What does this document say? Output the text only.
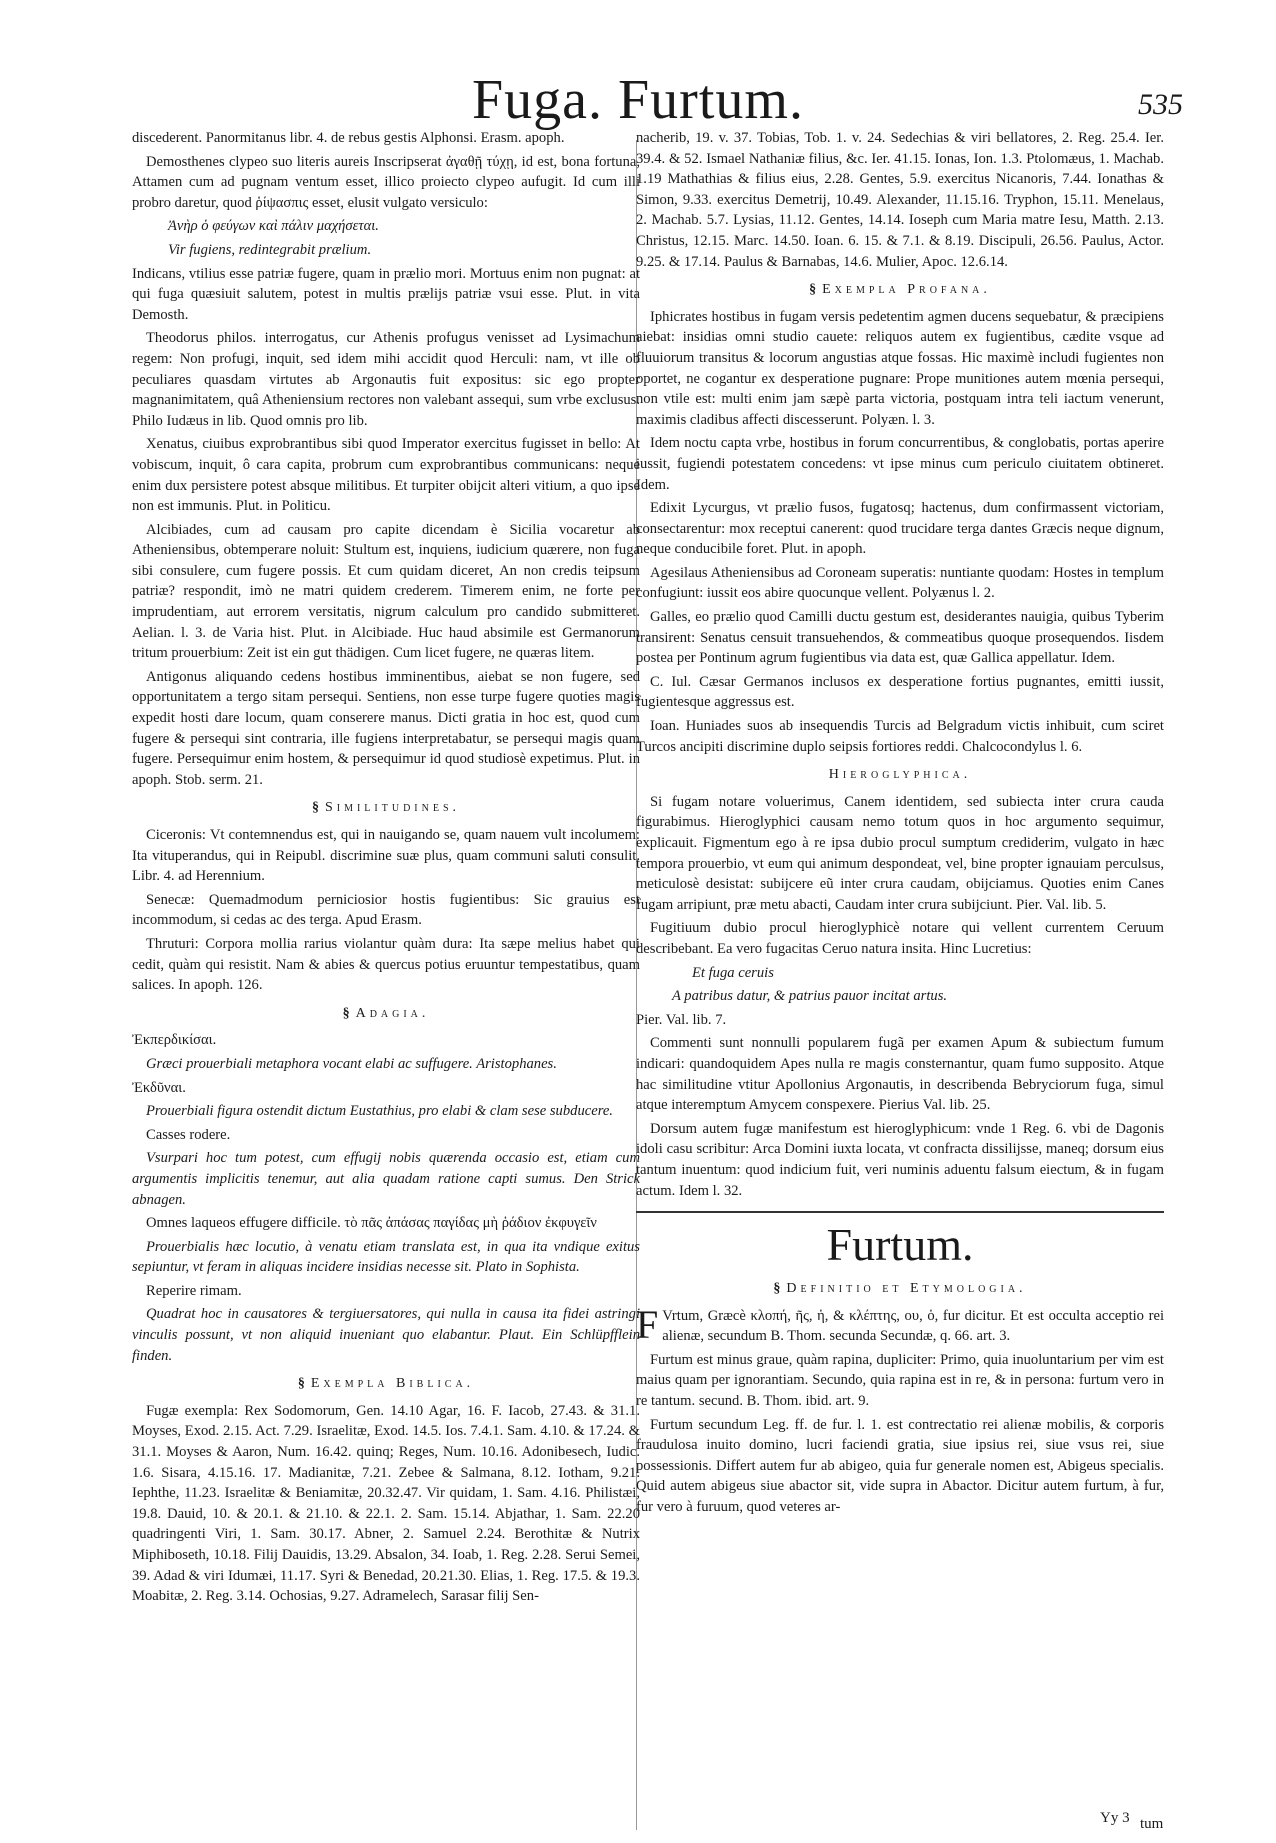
Fuga. Furtum.	535

discederent. Panormitanus libr. 4. de rebus gestis Alphonsi. Erasm. apoph.

Demosthenes clypeo suo literis aureis Inscripserat ἀγαθῇ τύχῃ, id est, bona fortuna, Attamen cum ad pugnam ventum esset, illico proiecto clypeo aufugit. Id cum illi probro daretur, quod ῥίψασπις esset, elusit vulgato versiculo:

Ἀνὴρ ὁ φεύγων καὶ πάλιν μαχήσεται.

Vir fugiens, redintegrabit prælium.

Indicans, vtilius esse patriæ fugere, quam in prælio mori. Mortuus enim non pugnat: at qui fuga quæsiuit salutem, potest in multis prælijs patriæ vsui esse. Plut. in vita Demosth.

Theodorus philos. interrogatus, cur Athenis profugus venisset ad Lysimachum regem: Non profugi, inquit, sed idem mihi accidit quod Herculi: nam, vt ille ob peculiares quasdam virtutes ab Argonautis fuit expositus: sic ego propter magnanimitatem, quâ Atheniensium rectores non valebant assequi, sum vrbe exclusus. Philo Iudæus in lib. Quod omnis pro lib.

Xenatus, ciuibus exprobrantibus sibi quod Imperator exercitus fugisset in bello: At vobiscum, inquit, ô cara capita, probrum cum exprobrantibus communicans: neque enim dux persistere potest absque militibus. Et turpiter obijcit alteri vitium, a quo ipse non est immunis. Plut. in Politicu.

Alcibiades, cum ad causam pro capite dicendam è Sicilia vocaretur ab Atheniensibus, obtemperare noluit: Stultum est, inquiens, iudicium quærere, non fuga sibi consulere, cum fugere possis. Et cum quidam diceret, An non credis teipsum patriæ? respondit, imò ne matri quidem crederem. Timerem enim, ne forte per imprudentiam, aut errorem versitatis, nigrum calculum pro candido submitteret. Aelian. l. 3. de Varia hist. Plut. in Alcibiade. Huc haud absimile est Germanorum tritum prouerbium: Zeit ist ein gut thädigen. Cum licet fugere, ne quæras litem.

Antigonus aliquando cedens hostibus imminentibus, aiebat se non fugere, sed opportunitatem a tergo sitam persequi. Sentiens, non esse turpe fugere quoties magis expedit hosti dare locum, quam conserere manus. Dicti gratia in hoc est, quod cum fugere & persequi sint contraria, ille fugiens interpretabatur, se persequi magis quam fugere. Persequimur enim hostem, & persequimur id quod studiosè expetimus. Plut. in apoph. Stob. serm. 21.

§ Similitudines.

Ciceronis: Vt contemnendus est, qui in nauigando se, quam nauem vult incolumem: Ita vituperandus, qui in Reipubl. discrimine suæ plus, quam communi saluti consulit. Libr. 4. ad Herennium.

Senecæ: Quemadmodum perniciosior hostis fugientibus: Sic grauius est incommodum, si cedas ac des terga. Apud Erasm.

Thruturi: Corpora mollia rarius violantur quàm dura: Ita sæpe melius habet qui cedit, quàm qui resistit. Nam & abies & quercus potius eruuntur tempestatibus, quam salices. In apoph. 126.

§ Adagia.

Ἐκπερδικίσαι.

Græci prouerbiali metaphora vocant elabi ac suffugere. Aristophanes.

Ἐκδῦναι.

Prouerbiali figura ostendit dictum Eustathius, pro elabi & clam sese subducere.

Casses rodere.

Vsurpari hoc tum potest, cum effugij nobis quærenda occasio est, etiam cum argumentis implicitis tenemur, aut alia quadam ratione capti sumus. Den Strick abnagen.

Omnes laqueos effugere difficile. τὸ πᾶς ἀπάσας παγίδας μὴ ῥάδιον ἐκφυγεῖν

Prouerbialis hæc locutio, à venatu etiam translata est, in qua ita vndique exitus sepiuntur, vt feram in aliquas incidere insidias necesse sit. Plato in Sophista.

Reperire rimam.

Quadrat hoc in causatores & tergiuersatores, qui nulla in causa ita fidei astringi vinculis possunt, vt non aliquid inueniant quo elabantur. Plaut. Ein Schlüpfflein finden.

§ Exempla Biblica.

Fugæ exempla: Rex Sodomorum, Gen. 14.10 Agar, 16. F. Iacob, 27.43. & 31.1. Moyses, Exod. 2.15. Act. 7.29. Israelitæ, Exod. 14.5. Ios. 7.4.1. Sam. 4.10. & 17.24. & 31.1. Moyses & Aaron, Num. 16.42. quinq; Reges, Num. 10.16. Adonibesech, Iudic. 1.6. Sisara, 4.15.16. 17. Madianitæ, 7.21. Zebee & Salmana, 8.12. Iotham, 9.21. Iephthe, 11.23. Israelitæ & Beniamitæ, 20.32.47. Vir quidam, 1. Sam. 4.16. Philistæi, 19.8. Dauid, 10. & 20.1. & 21.10. & 22.1. 2. Sam. 15.14. Abjathar, 1. Sam. 22.20 quadringenti Viri, 1. Sam. 30.17. Abner, 2. Samuel 2.24. Berothitæ & Nutrix Miphiboseth, 10.18. Filij Dauidis, 13.29. Absalon, 34. Ioab, 1. Reg. 2.28. Serui Semei, 39. Adad & viri Idumæi, 11.17. Syri & Benedad, 20.21.30. Elias, 1. Reg. 17.5. & 19.3. Moabitæ, 2. Reg. 3.14. Ochosias, 9.27. Adramelech, Sarasar filij Sen-

nacherib, 19. v. 37. Tobias, Tob. 1. v. 24. Sedechias & viri bellatores, 2. Reg. 25.4. Ier. 39.4. & 52. Ismael Nathaniæ filius, &c. Ier. 41.15. Ionas, Ion. 1.3. Ptolomæus, 1. Machab. 1.19 Mathathias & filius eius, 2.28. Gentes, 5.9. exercitus Nicanoris, 7.44. Ionathas & Simon, 9.33. exercitus Demetrij, 10.49. Alexander, 11.15.16. Tryphon, 15.11. Menelaus, 2. Machab. 5.7. Lysias, 11.12. Gentes, 14.14. Ioseph cum Maria matre Iesu, Matth. 2.13. Christus, 12.15. Marc. 14.50. Ioan. 6. 15. & 7.1. & 8.19. Discipuli, 26.56. Paulus, Actor. 9.25. & 17.14. Paulus & Barnabas, 14.6. Mulier, Apoc. 12.6.14.

§ Exempla Profana.

Iphicrates hostibus in fugam versis pedetentim agmen ducens sequebatur, & præcipiens aiebat: insidias omni studio cauete: reliquos autem ex fugientibus, cædite vsque ad fluuiorum transitus & locorum angustias atque fossas. Hic maximè includi fugientes non oportet, ne cogantur ex desperatione pugnare: Prope munitiones autem mœnia persequi, non vtile est: multi enim jam sæpè parta victoria, postquam intra teli iactum venerunt, maximis cladibus affecti discesserunt. Polyæn. l. 3.

Idem noctu capta vrbe, hostibus in forum concurrentibus, & conglobatis, portas aperire iussit, fugiendi potestatem concedens: vt ipse minus cum periculo ciuitatem obtineret. Idem.

Edixit Lycurgus, vt prælio fusos, fugatosq; hactenus, dum confirmassent victoriam, consectarentur: mox receptui canerent: quod trucidare terga dantes Græcis neque dignum, neque conducibile foret. Plut. in apoph.

Agesilaus Atheniensibus ad Coroneam superatis: nuntiante quodam: Hostes in templum confugiunt: iussit eos abire quocunque vellent. Polyænus l. 2.

Galles, eo prælio quod Camilli ductu gestum est, desiderantes nauigia, quibus Tyberim transirent: Senatus censuit transuehendos, & commeatibus quoque prosequendos. Iisdem postea per Pontinum agrum fugientibus via data est, quæ Gallica appellatur. Idem.

C. Iul. Cæsar Germanos inclusos ex desperatione fortius pugnantes, emitti iussit, fugientesque aggressus est.

Ioan. Huniades suos ab insequendis Turcis ad Belgradum victis inhibuit, cum sciret Turcos ancipiti discrimine duplo seipsis fortiores reddi. Chalcocondylus l. 6.

Hieroglyphica.

Si fugam notare voluerimus, Canem identidem, sed subiecta inter crura cauda figurabimus. Hieroglyphici causam nemo totum quos in hoc argumento sequimur, explicauit. Figmentum ego à re ipsa dubio procul sumptum crediderim, vulgato in hæc tempora prouerbio, vt eum qui animum despondeat, vel, bine propter ignauiam perculsus, meticulosè desistat: subijcere eũ inter crura caudam, obijciamus. Quoties enim Canes fugam arripiunt, præ metu abacti, Caudam inter crura subijciunt. Pier. Val. lib. 5.

Fugitiuum dubio procul hieroglyphicè notare qui vellent currentem Ceruum describebant. Ea vero fugacitas Ceruo natura insita. Hinc Lucretius:

Et fuga ceruis

A patribus datur, & patrius pauor incitat artus.

Pier. Val. lib. 7.

Commenti sunt nonnulli popularem fugã per examen Apum & subiectum fumum indicari: quandoquidem Apes nulla re magis consternantur, quam fumo supposito. Atque hac similitudine vtitur Apollonius Argonautis, in describenda Bebryciorum fuga, simul atque interemptum Amycem conspexere. Pierius Val. lib. 25.

Dorsum autem fugæ manifestum est hieroglyphicum: vnde 1 Reg. 6. vbi de Dagonis idoli casu scribitur: Arca Domini iuxta locata, vt confracta dissilijsse, maneq; dorsum eius tantum inuentum: quod indicium fuit, veri numinis aduentu falsum eiectum, & in fugam actum. Idem l. 32.

Furtum.
§ Definitio et Etymologia.

F Vrtum, Græcè κλοπή, ῆς, ἡ, & κλέπτης, ου, ὁ, fur dicitur. Et est occulta acceptio rei alienæ, secundum B. Thom. secunda Secundæ, q. 66. art. 3.

Furtum est minus graue, quàm rapina, dupliciter: Primo, quia inuoluntarium per vim est maius quam per ignorantiam. Secundo, quia rapina est in re, & in persona: furtum vero in re tantum. secund. B. Thom. ibid. art. 9.

Furtum secundum Leg. ff. de fur. l. 1. est contrectatio rei alienæ mobilis, & corporis fraudulosa inuito domino, lucri faciendi gratia, siue ipsius rei, siue vsus rei, siue possessionis. Differt autem fur ab abigeo, quia fur generale nomen est, Abigeus specialis. Quid autem abigeus siue abactor sit, vide supra in Abactor. Dicitur autem furtum, à fur, fur vero à furuum, quod veteres ar-

Yy 3 tum
